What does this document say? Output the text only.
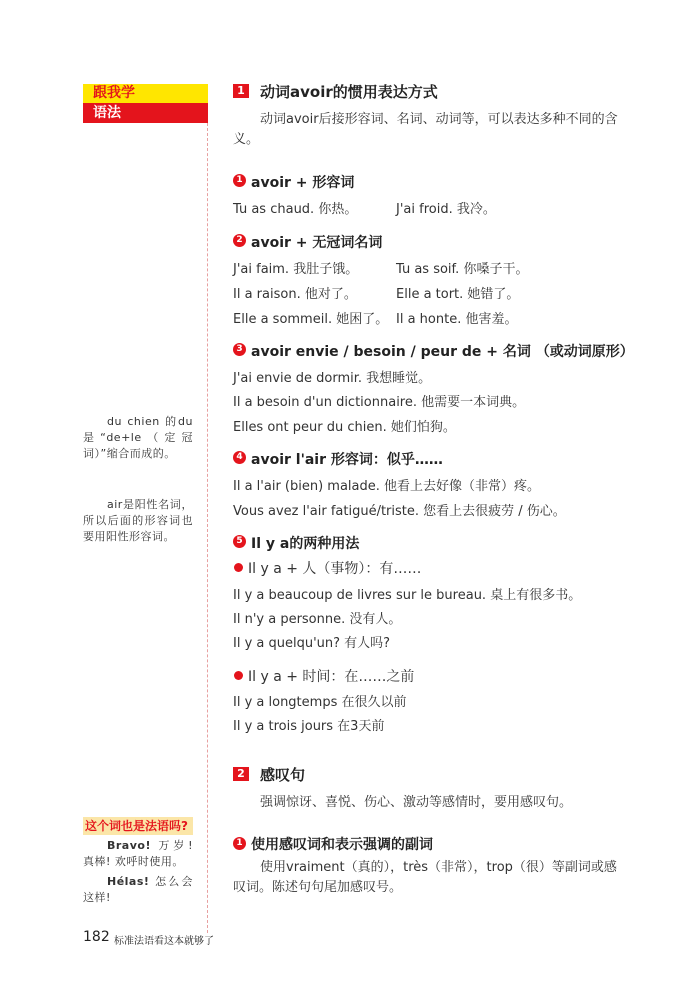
跟我学
语法
du chien 的du是“de+le（定冠词）”缩合而成的。
air是阳性名词，所以后面的形容词也要用阳性形容词。
这个词也是法语吗?
Bravo! 万岁! 真棒! 欢呼时使用。
Hélas! 怎么会这样!
1 动词avoir的惯用表达方式
动词avoir后接形容词、名词、动词等，可以表达多种不同的含义。
1 avoir + 形容词
Tu as chaud. 你热。	J'ai froid. 我冷。
2 avoir + 无冠词名词
J'ai faim. 我肚子饿。	Tu as soif. 你嗓子干。
Il a raison. 他对了。	Elle a tort. 她错了。
Elle a sommeil. 她困了。 Il a honte. 他害羞。
3 avoir envie / besoin / peur de + 名词 （或动词原形）
J'ai envie de dormir. 我想睡觉。
Il a besoin d'un dictionnaire. 他需要一本词典。
Elles ont peur du chien. 她们怕狗。
4 avoir l'air 形容词：似乎……
Il a l'air (bien) malade. 他看上去好像（非常）疼。
Vous avez l'air fatigué/triste. 您看上去很疲劳 / 伤心。
5 Il y a的两种用法
Il y a + 人（事物）：有……
Il y a beaucoup de livres sur le bureau. 桌上有很多书。
Il n'y a personne. 没有人。
Il y a quelqu'un? 有人吗?
Il y a + 时间：在……之前
Il y a longtemps 在很久以前
Il y a trois jours 在3天前
2 感叹句
强调惊讶、喜悦、伤心、激动等感情时，要用感叹句。
1 使用感叹词和表示强调的副词
使用vraiment（真的），très（非常），trop（很）等副词或感叹词。陈述句句尾加感叹号。
182 标准法语看这本就够了
